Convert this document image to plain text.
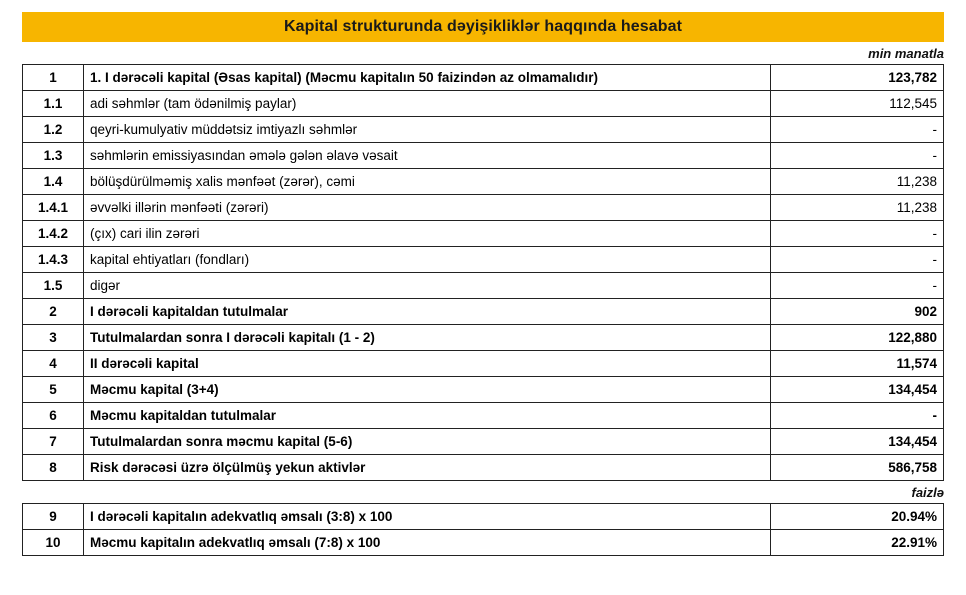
Kapital strukturunda dəyişikliklər haqqında hesabat
min manatla
1	1. I dərəcəli kapital (Əsas kapital) (Məcmu kapitalın 50 faizindən az olmamalıdır)	123,782
1.1	adi səhmlər (tam ödənilmiş paylar)	112,545
1.2	qeyri-kumulyativ müddətsiz imtiyazlı səhmlər	-
1.3	səhmlərin emissiyasından əmələ gələn əlavə vəsait	-
1.4	bölüşdürülməmiş xalis mənfəət (zərər), cəmi	11,238
1.4.1	əvvəlki illərin mənfəəti (zərəri)	11,238
1.4.2	(çıx) cari ilin zərəri	-
1.4.3	kapital ehtiyatları (fondları)	-
1.5	digər	-
2	I dərəcəli kapitaldan tutulmalar	902
3	Tutulmalardan sonra I dərəcəli kapitalı (1 - 2)	122,880
4	II dərəcəli kapital	11,574
5	Məcmu kapital (3+4)	134,454
6	Məcmu kapitaldan tutulmalar	-
7	Tutulmalardan sonra məcmu kapital (5-6)	134,454
8	Risk dərəcəsi üzrə ölçülmüş yekun aktivlər	586,758
faizlə
9	I dərəcəli kapitalın adekvatlıq əmsalı (3:8) x 100	20.94%
10	Məcmu kapitalın adekvatlıq əmsalı (7:8) x 100	22.91%
